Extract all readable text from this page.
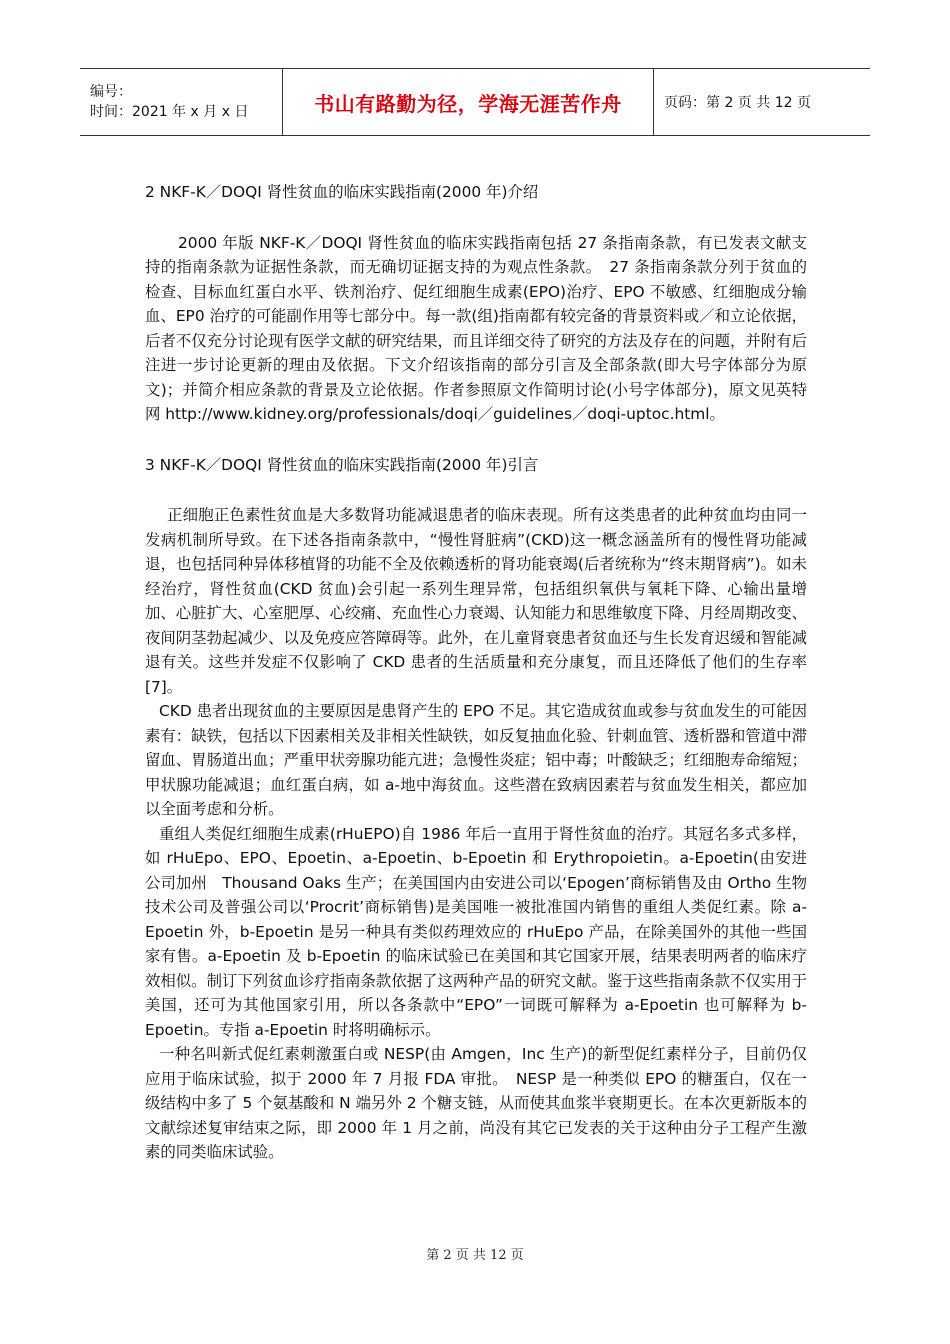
编号：
时间：2021 年 x 月 x 日	书山有路勤为径，学海无涯苦作舟	页码：第 2 页 共 12 页

2 NKF-K／DOQI 肾性贫血的临床实践指南(2000 年)介绍

2000 年版 NKF-K／DOQI 肾性贫血的临床实践指南包括 27 条指南条款，有已发表文献支持的指南条款为证据性条款，而无确切证据支持的为观点性条款。　27 条指南条款分列于贫血的检查、目标血红蛋白水平、铁剂治疗、促红细胞生成素(EPO)治疗、EPO 不敏感、红细胞成分输血、EP0 治疗的可能副作用等七部分中。每一款(组)指南都有较完备的背景资料或／和立论依据，后者不仅充分讨论现有医学文献的研究结果，而且详细交待了研究的方法及存在的问题，并附有后注进一步讨论更新的理由及依据。下文介绍该指南的部分引言及全部条款(即大号字体部分为原文)；并简介相应条款的背景及立论依据。作者参照原文作简明讨论(小号字体部分)，原文见英特网 http://www.kidney.org/professionals/doqi／guidelines／doqi-uptoc.html。

3 NKF-K／DOQI 肾性贫血的临床实践指南(2000 年)引言

正细胞正色素性贫血是大多数肾功能减退患者的临床表现。所有这类患者的此种贫血均由同一发病机制所导致。在下述各指南条款中，“慢性肾脏病”(CKD)这一概念涵盖所有的慢性肾功能减退，也包括同种异体移植肾的功能不全及依赖透析的肾功能衰竭(后者统称为“终末期肾病”)。如未经治疗，肾性贫血(CKD 贫血)会引起一系列生理异常，包括组织氧供与氧耗下降、心输出量增加、心脏扩大、心室肥厚、心绞痛、充血性心力衰竭、认知能力和思维敏度下降、月经周期改变、夜间阴茎勃起减少、以及免疫应答障碍等。此外，在儿童肾衰患者贫血还与生长发育迟缓和智能减退有关。这些并发症不仅影响了 CKD 患者的生活质量和充分康复，而且还降低了他们的生存率[7]。

CKD 患者出现贫血的主要原因是患肾产生的 EPO 不足。其它造成贫血或参与贫血发生的可能因素有：缺铁，包括以下因素相关及非相关性缺铁，如反复抽血化验、针刺血管、透析器和管道中滞留血、胃肠道出血；严重甲状旁腺功能亢进；急慢性炎症；铝中毒；叶酸缺乏；红细胞寿命缩短；甲状腺功能减退；血红蛋白病，如 a-地中海贫血。这些潜在致病因素若与贫血发生相关，都应加以全面考虑和分析。

重组人类促红细胞生成素(rHuEPO)自 1986 年后一直用于肾性贫血的治疗。其冠名多式多样，如 rHuEpo、EPO、Epoetin、a-Epoetin、b-Epoetin 和 Erythropoietin。a-Epoetin(由安进公司加州　Thousand Oaks 生产；在美国国内由安进公司以‘Epogen’商标销售及由 Ortho 生物技术公司及普强公司以‘Procrit’商标销售)是美国唯一被批准国内销售的重组人类促红素。除 a-Epoetin 外，b-Epoetin 是另一种具有类似药理效应的 rHuEpo 产品，在除美国外的其他一些国家有售。a-Epoetin 及 b-Epoetin 的临床试验已在美国和其它国家开展，结果表明两者的临床疗效相似。制订下列贫血诊疗指南条款依据了这两种产品的研究文献。鉴于这些指南条款不仅实用于美国，还可为其他国家引用，所以各条款中“EPO”一词既可解释为 a-Epoetin 也可解释为 b-Epoetin。专指 a-Epoetin 时将明确标示。

一种名叫新式促红素刺激蛋白或 NESP(由 Amgen，Inc 生产)的新型促红素样分子，目前仍仅应用于临床试验，拟于 2000 年 7 月报 FDA 审批。　NESP 是一种类似 EPO 的糖蛋白，仅在一级结构中多了 5 个氨基酸和 N 端另外 2 个糖支链，从而使其血浆半衰期更长。在本次更新版本的文献综述复审结束之际，即 2000 年 1 月之前，尚没有其它已发表的关于这种由分子工程产生激素的同类临床试验。

第 2 页 共 12 页
